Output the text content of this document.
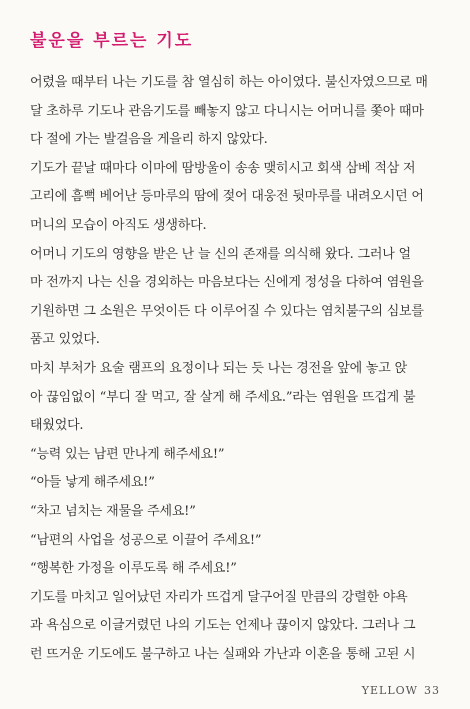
불운을 부르는 기도
어렸을 때부터 나는 기도를 참 열심히 하는 아이였다. 불신자였으므로 매
달 초하루 기도나 관음기도를 빼놓지 않고 다니시는 어머니를 쫓아 때마
다 절에 가는 발걸음을 게을리 하지 않았다.
기도가 끝날 때마다 이마에 땀방울이 송송 맺히시고 회색 삼베 적삼 저
고리에 흠뻑 베어난 등마루의 땀에 젖어 대웅전 뒷마루를 내려오시던 어
머니의 모습이 아직도 생생하다.
어머니 기도의 영향을 받은 난 늘 신의 존재를 의식해 왔다. 그러나 얼
마 전까지 나는 신을 경외하는 마음보다는 신에게 정성을 다하여 염원을
기원하면 그 소원은 무엇이든 다 이루어질 수 있다는 염치불구의 심보를
품고 있었다.
마치 부처가 요술 램프의 요정이나 되는 듯 나는 경전을 앞에 놓고 앉
아 끊임없이 “부디 잘 먹고, 잘 살게 해 주세요.”라는 염원을 뜨겁게 불
태웠었다.
“능력 있는 남편 만나게 해주세요!”
“아들 낳게 해주세요!”
“차고 넘치는 재물을 주세요!”
“남편의 사업을 성공으로 이끌어 주세요!”
“행복한 가정을 이루도록 해 주세요!”
기도를 마치고 일어났던 자리가 뜨겁게 달구어질 만큼의 강렬한 야욕
과 욕심으로 이글거렸던 나의 기도는 언제나 끊이지 않았다. 그러나 그
런 뜨거운 기도에도 불구하고 나는 실패와 가난과 이혼을 통해 고된 시
YELLOW 33
